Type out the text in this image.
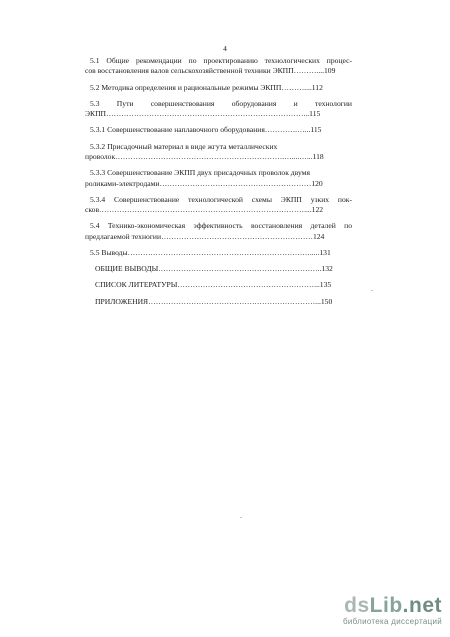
4
5.1 Общие рекомендации по проектированию технологических процес-
сов восстановления валов сельскохозяйственной техники ЭКПП………....109
5.2 Методика определения и рациональные режимы ЭКПП………....112
5.3 Пути совершенствования оборудования и технологии
ЭКПП……………………………………………………………………...115
5.3.1 Совершенствование наплавочного оборудования………….…...115
5.3.2 Присадочный материал в виде жгута металлических
проволок………………………………………………………….…....…...118
5.3.3 Совершенствование ЭКПП двух присадочных проволок двумя
роликами-электродами……………………………………………………120
5.3.4 Совершенствование технологической схемы ЭКПП узких пок-
сков………………………………………………………………………....122
5.4 Технико-экономическая эффективность восстановления деталей по
предлагаемой техногии……………………………………………………124
5.5 Выводы……………………………………………………………….....131
ОБЩИЕ ВЫВОДЫ………………………………………………………..132
СПИСОК ЛИТЕРАТУРЫ………………………………………………...135
ПРИЛОЖЕНИЯ…………………………………………………………...150
dsLib.net
библиотека диссертаций
